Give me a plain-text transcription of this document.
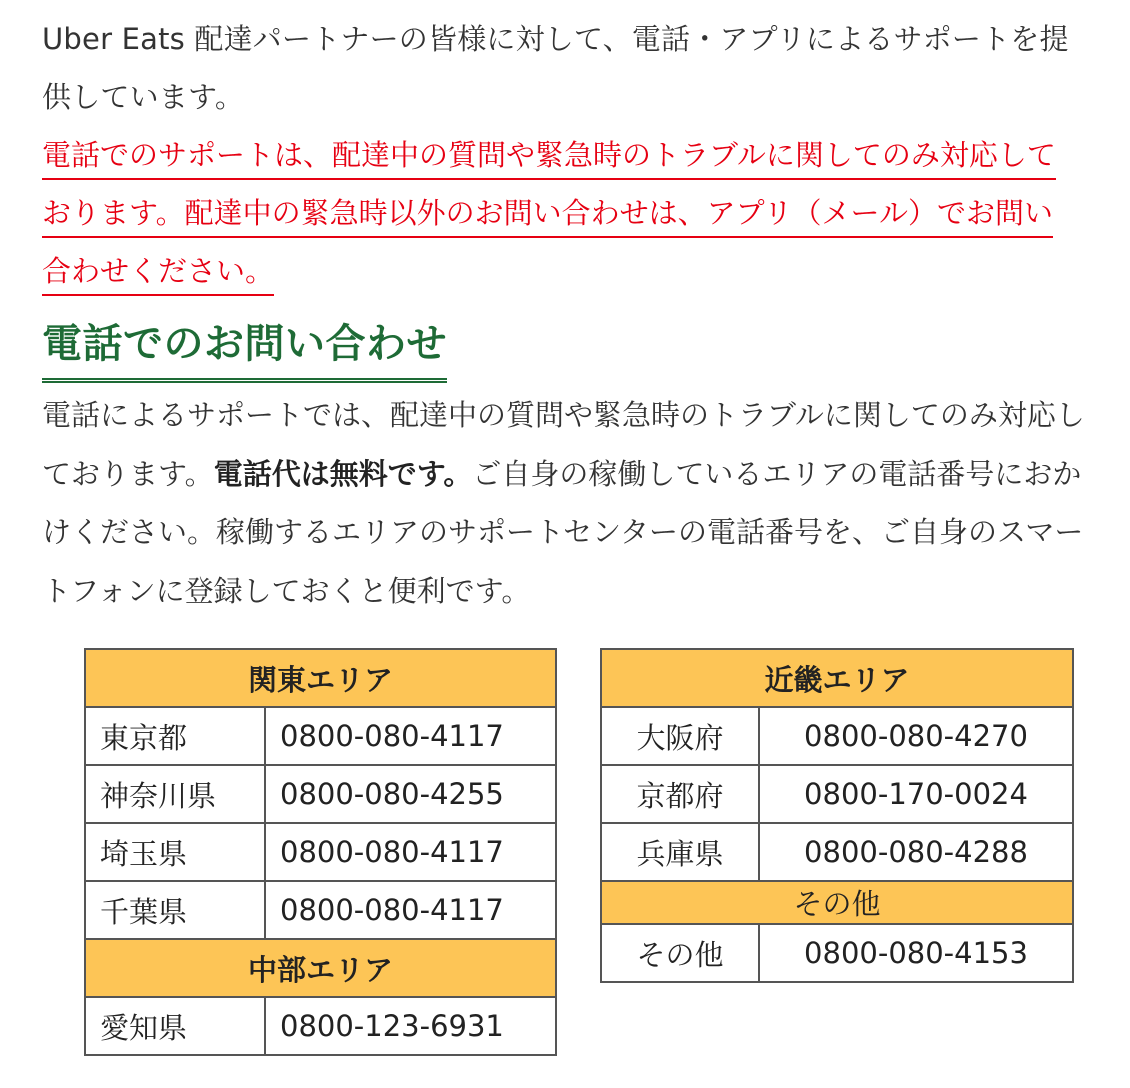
Uber Eats 配達パートナーの皆様に対して、電話・アプリによるサポートを提
供しています。

電話でのサポートは、配達中の質問や緊急時のトラブルに関してのみ対応して
おります。配達中の緊急時以外のお問い合わせは、アプリ（メール）でお問い
合わせください。

電話でのお問い合わせ

電話によるサポートでは、配達中の質問や緊急時のトラブルに関してのみ対応しております。電話代は無料です。ご自身の稼働しているエリアの電話番号におかけください。稼働するエリアのサポートセンターの電話番号を、ご自身のスマートフォンに登録しておくと便利です。

関東エリア	
東京都	0800-080-4117
神奈川県	0800-080-4255
埼玉県	0800-080-4117
千葉県	0800-080-4117
中部エリア	
愛知県	0800-123-6931
近畿エリア	
大阪府	0800-080-4270
京都府	0800-170-0024
兵庫県	0800-080-4288
その他	
その他	0800-080-4153
